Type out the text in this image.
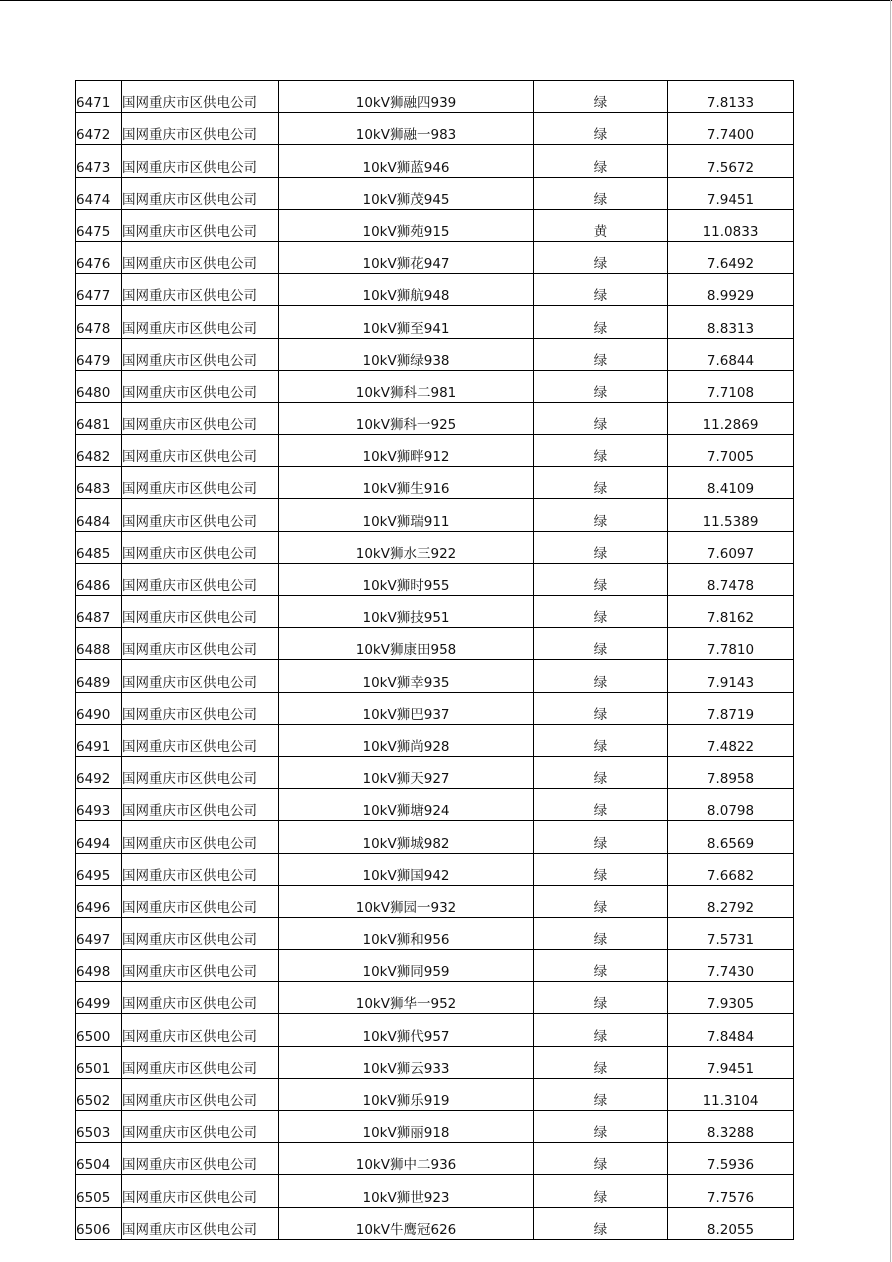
6471	国网重庆市区供电公司	10kV狮融四939	绿	7.8133
6472	国网重庆市区供电公司	10kV狮融一983	绿	7.7400
6473	国网重庆市区供电公司	10kV狮蓝946	绿	7.5672
6474	国网重庆市区供电公司	10kV狮茂945	绿	7.9451
6475	国网重庆市区供电公司	10kV狮苑915	黄	11.0833
6476	国网重庆市区供电公司	10kV狮花947	绿	7.6492
6477	国网重庆市区供电公司	10kV狮航948	绿	8.9929
6478	国网重庆市区供电公司	10kV狮至941	绿	8.8313
6479	国网重庆市区供电公司	10kV狮绿938	绿	7.6844
6480	国网重庆市区供电公司	10kV狮科二981	绿	7.7108
6481	国网重庆市区供电公司	10kV狮科一925	绿	11.2869
6482	国网重庆市区供电公司	10kV狮畔912	绿	7.7005
6483	国网重庆市区供电公司	10kV狮生916	绿	8.4109
6484	国网重庆市区供电公司	10kV狮瑞911	绿	11.5389
6485	国网重庆市区供电公司	10kV狮水三922	绿	7.6097
6486	国网重庆市区供电公司	10kV狮时955	绿	8.7478
6487	国网重庆市区供电公司	10kV狮技951	绿	7.8162
6488	国网重庆市区供电公司	10kV狮康田958	绿	7.7810
6489	国网重庆市区供电公司	10kV狮幸935	绿	7.9143
6490	国网重庆市区供电公司	10kV狮巴937	绿	7.8719
6491	国网重庆市区供电公司	10kV狮尚928	绿	7.4822
6492	国网重庆市区供电公司	10kV狮天927	绿	7.8958
6493	国网重庆市区供电公司	10kV狮塘924	绿	8.0798
6494	国网重庆市区供电公司	10kV狮城982	绿	8.6569
6495	国网重庆市区供电公司	10kV狮国942	绿	7.6682
6496	国网重庆市区供电公司	10kV狮园一932	绿	8.2792
6497	国网重庆市区供电公司	10kV狮和956	绿	7.5731
6498	国网重庆市区供电公司	10kV狮同959	绿	7.7430
6499	国网重庆市区供电公司	10kV狮华一952	绿	7.9305
6500	国网重庆市区供电公司	10kV狮代957	绿	7.8484
6501	国网重庆市区供电公司	10kV狮云933	绿	7.9451
6502	国网重庆市区供电公司	10kV狮乐919	绿	11.3104
6503	国网重庆市区供电公司	10kV狮丽918	绿	8.3288
6504	国网重庆市区供电公司	10kV狮中二936	绿	7.5936
6505	国网重庆市区供电公司	10kV狮世923	绿	7.7576
6506	国网重庆市区供电公司	10kV牛鹰冠626	绿	8.2055
